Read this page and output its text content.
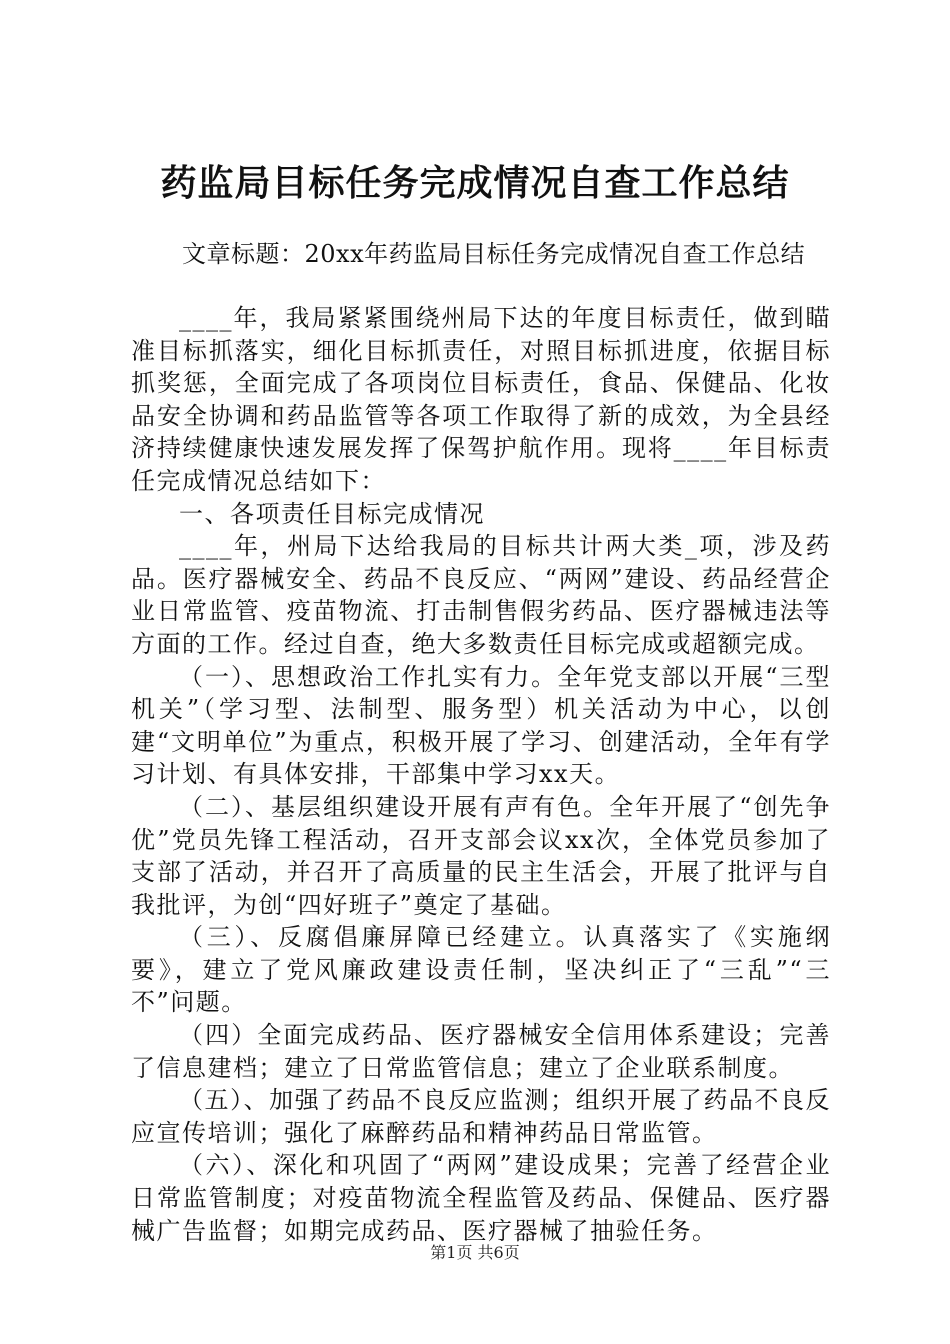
药监局目标任务完成情况自查工作总结
文章标题：20xx年药监局目标任务完成情况自查工作总结

____年，我局紧紧围绕州局下达的年度目标责任，做到瞄准目标抓落实，细化目标抓责任，对照目标抓进度，依据目标抓奖惩，全面完成了各项岗位目标责任，食品、保健品、化妆品安全协调和药品监管等各项工作取得了新的成效，为全县经济持续健康快速发展发挥了保驾护航作用。现将____年目标责任完成情况总结如下：

一、各项责任目标完成情况

____年，州局下达给我局的目标共计两大类_项，涉及药品。医疗器械安全、药品不良反应、“两网”建设、药品经营企业日常监管、疫苗物流、打击制售假劣药品、医疗器械违法等方面的工作。经过自查，绝大多数责任目标完成或超额完成。

（一）、思想政治工作扎实有力。全年党支部以开展“三型机关”（学习型、法制型、服务型）机关活动为中心，以创建“文明单位”为重点，积极开展了学习、创建活动，全年有学习计划、有具体安排，干部集中学习xx天。

（二）、基层组织建设开展有声有色。全年开展了“创先争优”党员先锋工程活动，召开支部会议xx次，全体党员参加了支部了活动，并召开了高质量的民主生活会，开展了批评与自我批评，为创“四好班子”奠定了基础。

（三）、反腐倡廉屏障已经建立。认真落实了《实施纲要》，建立了党风廉政建设责任制，坚决纠正了“三乱”“三不”问题。

（四）全面完成药品、医疗器械安全信用体系建设；完善了信息建档；建立了日常监管信息；建立了企业联系制度。

（五）、加强了药品不良反应监测；组织开展了药品不良反应宣传培训；强化了麻醉药品和精神药品日常监管。

（六）、深化和巩固了“两网”建设成果；完善了经营企业日常监管制度；对疫苗物流全程监管及药品、保健品、医疗器械广告监督；如期完成药品、医疗器械了抽验任务。

第1页 共6页
